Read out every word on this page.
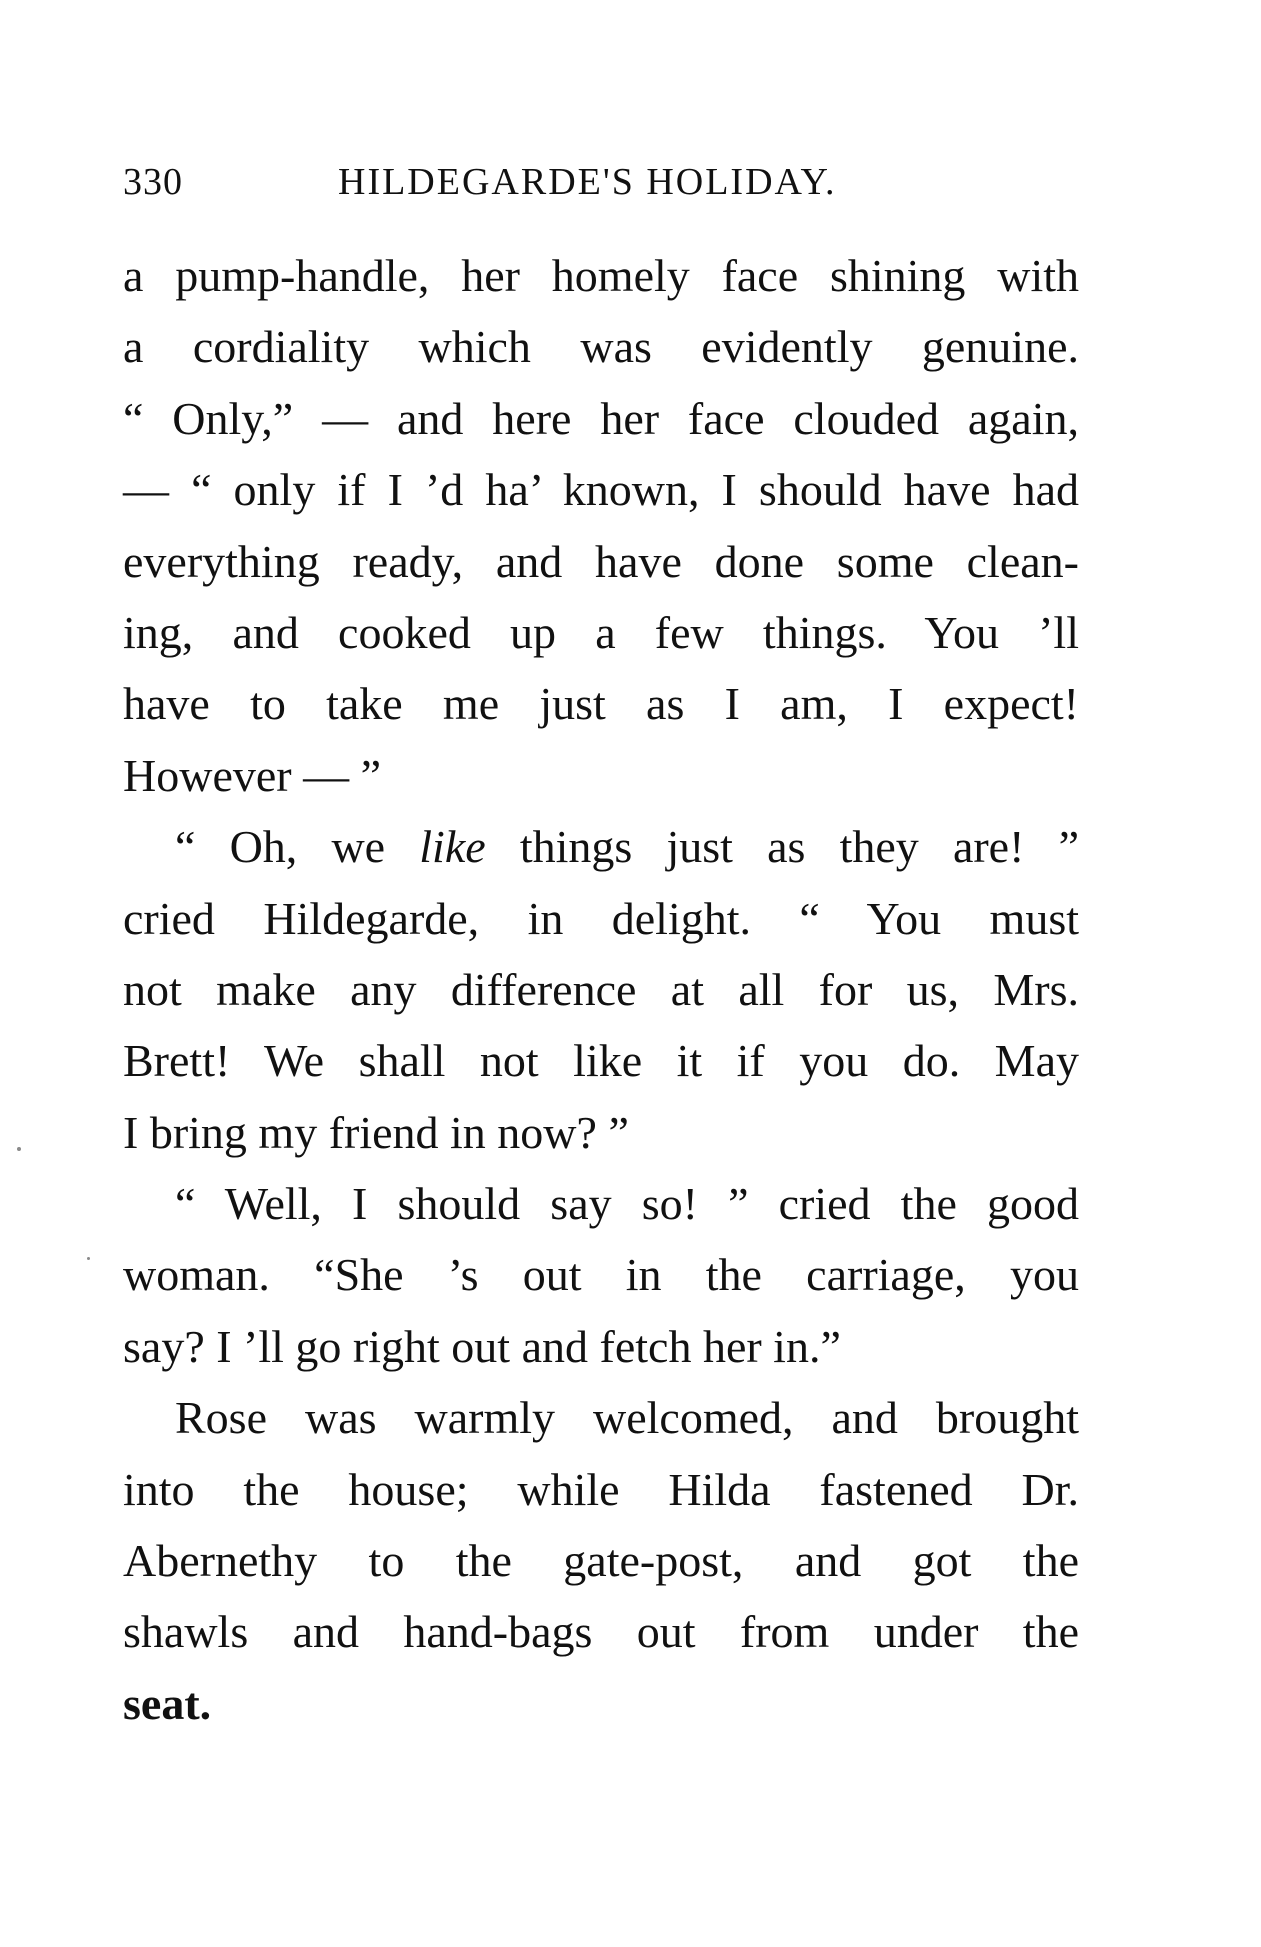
330	HILDEGARDE'S HOLIDAY.
a pump-handle, her homely face shining with
a cordiality which was evidently genuine.
“ Only,” — and here her face clouded again,
— “ only if I ’d ha’ known, I should have had
everything ready, and have done some clean-
ing, and cooked up a few things. You ’ll
have to take me just as I am, I expect!
However — ”
“ Oh, we like things just as they are! ”
cried Hildegarde, in delight. “ You must
not make any difference at all for us, Mrs.
Brett! We shall not like it if you do. May
I bring my friend in now? ”
“ Well, I should say so! ” cried the good
woman. “She ’s out in the carriage, you
say? I ’ll go right out and fetch her in.”
Rose was warmly welcomed, and brought
into the house; while Hilda fastened Dr.
Abernethy to the gate-post, and got the
shawls and hand-bags out from under the
seat.
